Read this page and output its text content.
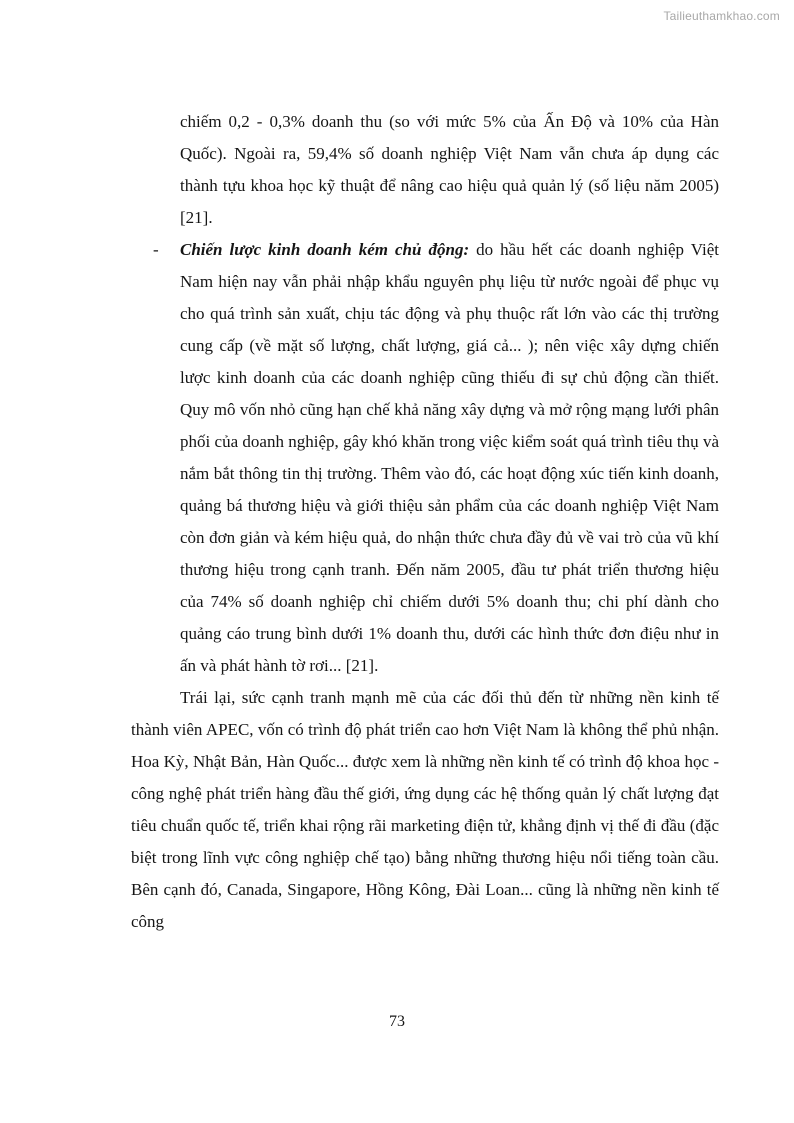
Tailieuthamkhao.com

chiếm 0,2 - 0,3% doanh thu (so với mức 5% của Ấn Độ và 10% của Hàn Quốc). Ngoài ra, 59,4% số doanh nghiệp Việt Nam vẫn chưa áp dụng các thành tựu khoa học kỹ thuật để nâng cao hiệu quả quản lý (số liệu năm 2005) [21].

- Chiến lược kinh doanh kém chủ động: do hầu hết các doanh nghiệp Việt Nam hiện nay vẫn phải nhập khẩu nguyên phụ liệu từ nước ngoài để phục vụ cho quá trình sản xuất, chịu tác động và phụ thuộc rất lớn vào các thị trường cung cấp (về mặt số lượng, chất lượng, giá cả... ); nên việc xây dựng chiến lược kinh doanh của các doanh nghiệp cũng thiếu đi sự chủ động cần thiết. Quy mô vốn nhỏ cũng hạn chế khả năng xây dựng và mở rộng mạng lưới phân phối của doanh nghiệp, gây khó khăn trong việc kiểm soát quá trình tiêu thụ và nắm bắt thông tin thị trường. Thêm vào đó, các hoạt động xúc tiến kinh doanh, quảng bá thương hiệu và giới thiệu sản phẩm của các doanh nghiệp Việt Nam còn đơn giản và kém hiệu quả, do nhận thức chưa đầy đủ về vai trò của vũ khí thương hiệu trong cạnh tranh. Đến năm 2005, đầu tư phát triển thương hiệu của 74% số doanh nghiệp chỉ chiếm dưới 5% doanh thu; chi phí dành cho quảng cáo trung bình dưới 1% doanh thu, dưới các hình thức đơn điệu như in ấn và phát hành tờ rơi... [21].

Trái lại, sức cạnh tranh mạnh mẽ của các đối thủ đến từ những nền kinh tế thành viên APEC, vốn có trình độ phát triển cao hơn Việt Nam là không thể phủ nhận. Hoa Kỳ, Nhật Bản, Hàn Quốc... được xem là những nền kinh tế có trình độ khoa học - công nghệ phát triển hàng đầu thế giới, ứng dụng các hệ thống quản lý chất lượng đạt tiêu chuẩn quốc tế, triển khai rộng rãi marketing điện tử, khẳng định vị thế đi đầu (đặc biệt trong lĩnh vực công nghiệp chế tạo) bằng những thương hiệu nổi tiếng toàn cầu. Bên cạnh đó, Canada, Singapore, Hồng Kông, Đài Loan... cũng là những nền kinh tế công

73
